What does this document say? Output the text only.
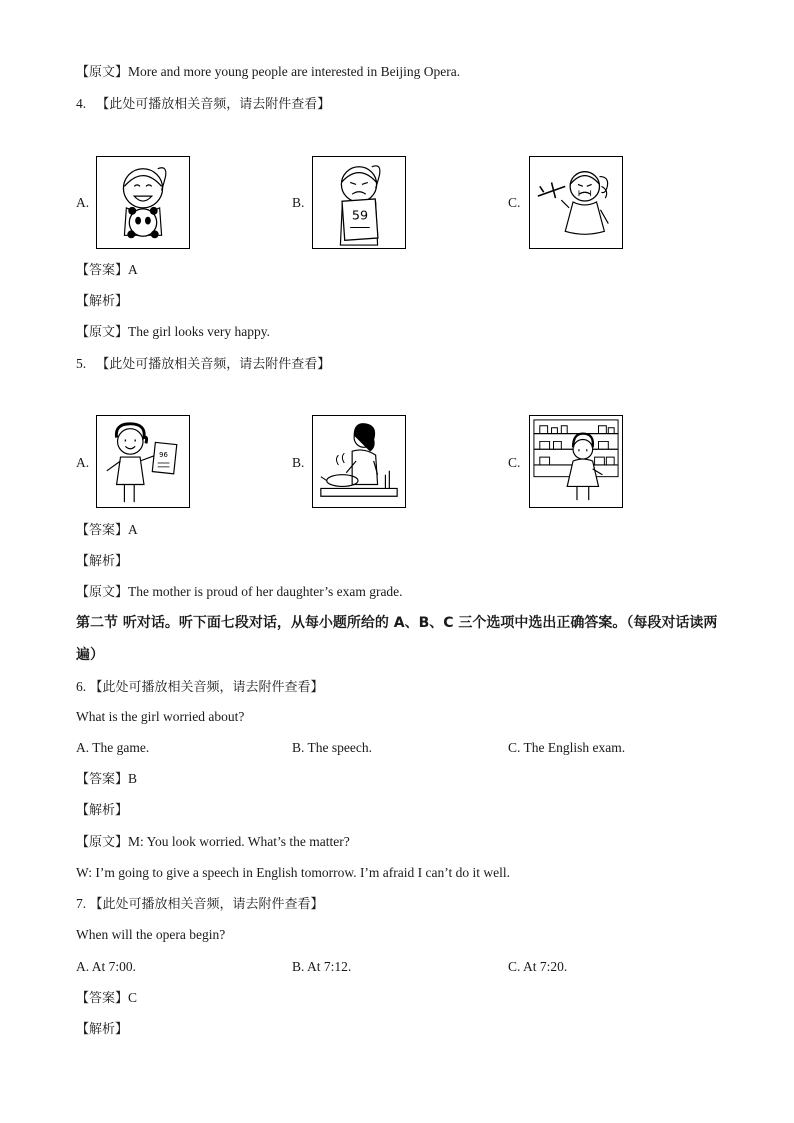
【原文】More and more young people are interested in Beijing Opera.
4. 【此处可播放相关音频，请去附件查看】
A.	B.
59
C.
【答案】A
【解析】
【原文】The girl looks very happy.
5. 【此处可播放相关音频，请去附件查看】
A.	96	B.	C.
【答案】A
【解析】
【原文】The mother is proud of her daughter’s exam grade.
第二节 听对话。听下面七段对话，从每小题所给的 A、B、C 三个选项中选出正确答案。（每段对话读两遍）
6. 【此处可播放相关音频，请去附件查看】
What is the girl worried about?
A. The game.	B. The speech.	C. The English exam.
【答案】B
【解析】
【原文】M: You look worried. What’s the matter?
W: I’m going to give a speech in English tomorrow. I’m afraid I can’t do it well.
7. 【此处可播放相关音频，请去附件查看】
When will the opera begin?
A. At 7:00.	B. At 7:12.	C. At 7:20.
【答案】C
【解析】
